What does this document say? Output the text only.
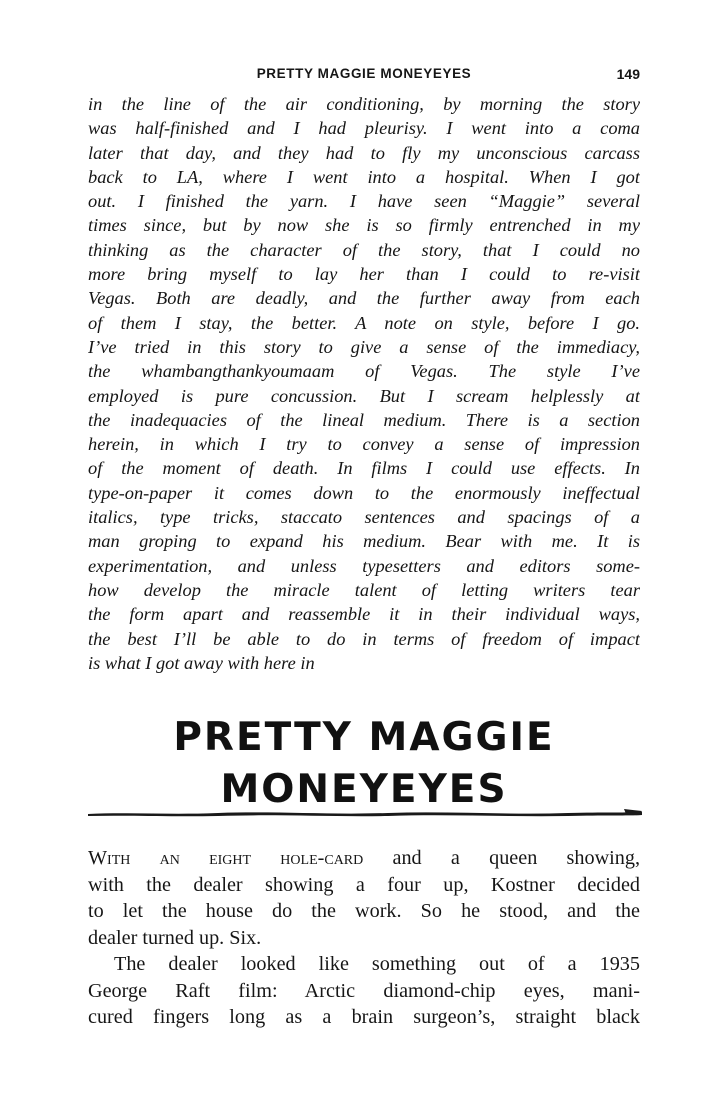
PRETTY MAGGIE MONEYEYES	149
in the line of the air conditioning, by morning the story
was half-finished and I had pleurisy. I went into a coma
later that day, and they had to fly my unconscious carcass
back to LA, where I went into a hospital. When I got
out. I finished the yarn. I have seen “Maggie” several
times since, but by now she is so firmly entrenched in my
thinking as the character of the story, that I could no
more bring myself to lay her than I could to re-visit
Vegas. Both are deadly, and the further away from each
of them I stay, the better. A note on style, before I go.
I’ve tried in this story to give a sense of the immediacy,
the whambangthankyoumaam of Vegas. The style I’ve
employed is pure concussion. But I scream helplessly at
the inadequacies of the lineal medium. There is a section
herein, in which I try to convey a sense of impression
of the moment of death. In films I could use effects. In
type-on-paper it comes down to the enormously ineffectual
italics, type tricks, staccato sentences and spacings of a
man groping to expand his medium. Bear with me. It is
experimentation, and unless typesetters and editors some-
how develop the miracle talent of letting writers tear
the form apart and reassemble it in their individual ways,
the best I’ll be able to do in terms of freedom of impact
is what I got away with here in
PRETTY MAGGIE
MONEYEYES
With an eight hole-card and a queen showing,
with the dealer showing a four up, Kostner decided
to let the house do the work. So he stood, and the
dealer turned up. Six.
The dealer looked like something out of a 1935
George Raft film: Arctic diamond-chip eyes, mani-
cured fingers long as a brain surgeon’s, straight black
